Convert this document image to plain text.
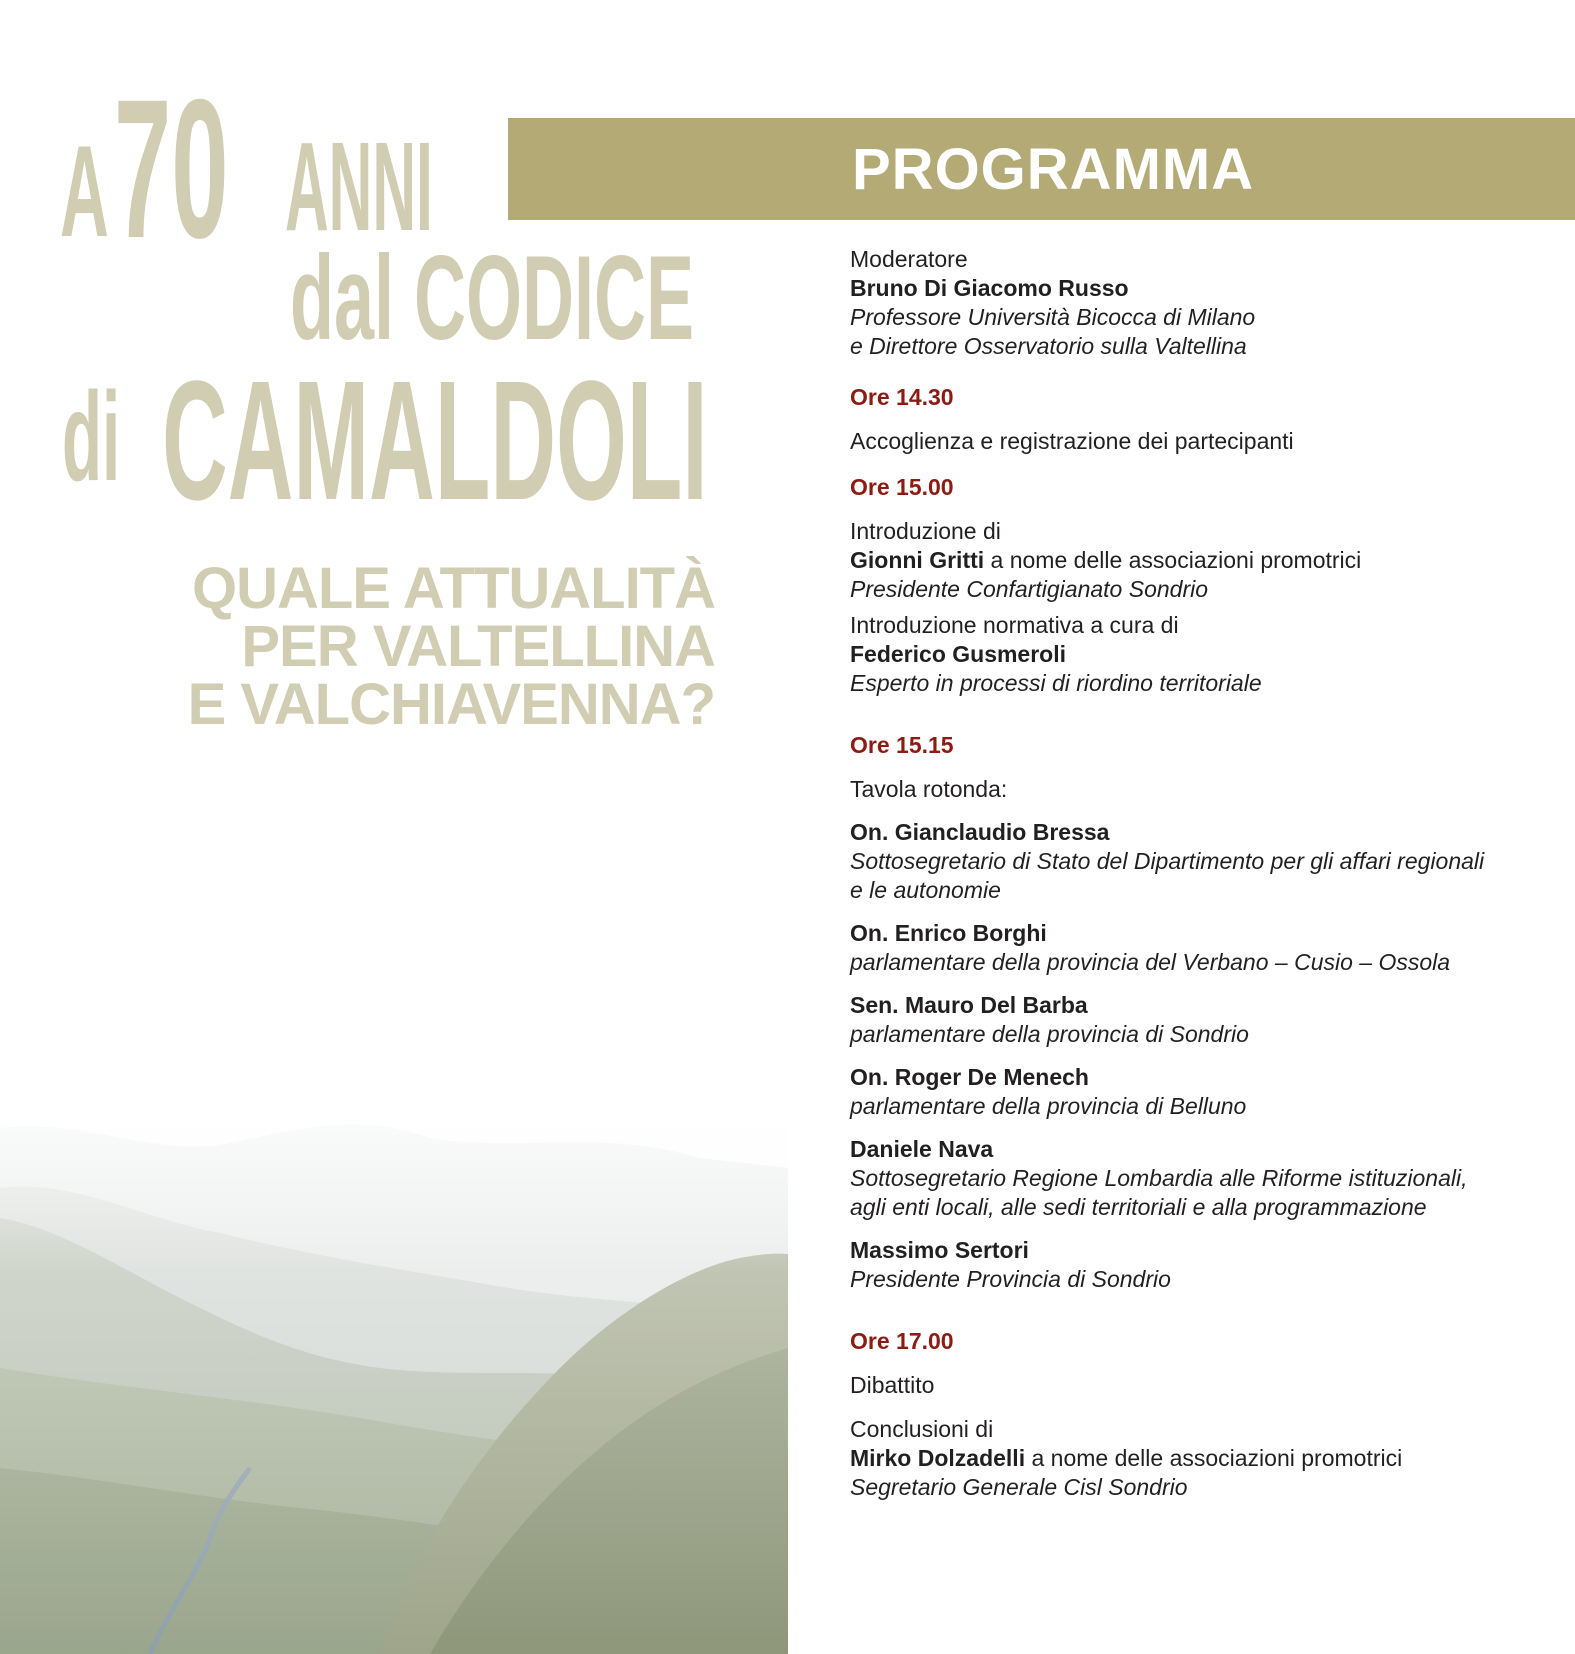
A 70 ANNI
dal CODICE
di CAMALDOLI
QUALE ATTUALITÀ
PER VALTELLINA
E VALCHIAVENNA?
PROGRAMMA
Moderatore
Bruno Di Giacomo Russo
Professore Università Bicocca di Milano
e Direttore Osservatorio sulla Valtellina
Ore 14.30
Accoglienza e registrazione dei partecipanti
Ore 15.00
Introduzione di
Gionni Gritti a nome delle associazioni promotrici
Presidente Confartigianato Sondrio
Introduzione normativa a cura di
Federico Gusmeroli
Esperto in processi di riordino territoriale
Ore 15.15
Tavola rotonda:
On. Gianclaudio Bressa
Sottosegretario di Stato del Dipartimento per gli affari regionali
e le autonomie
On. Enrico Borghi
parlamentare della provincia del Verbano – Cusio – Ossola
Sen. Mauro Del Barba
parlamentare della provincia di Sondrio
On. Roger De Menech
parlamentare della provincia di Belluno
Daniele Nava
Sottosegretario Regione Lombardia alle Riforme istituzionali,
agli enti locali, alle sedi territoriali e alla programmazione
Massimo Sertori
Presidente Provincia di Sondrio
Ore 17.00
Dibattito
Conclusioni di
Mirko Dolzadelli a nome delle associazioni promotrici
Segretario Generale Cisl Sondrio
